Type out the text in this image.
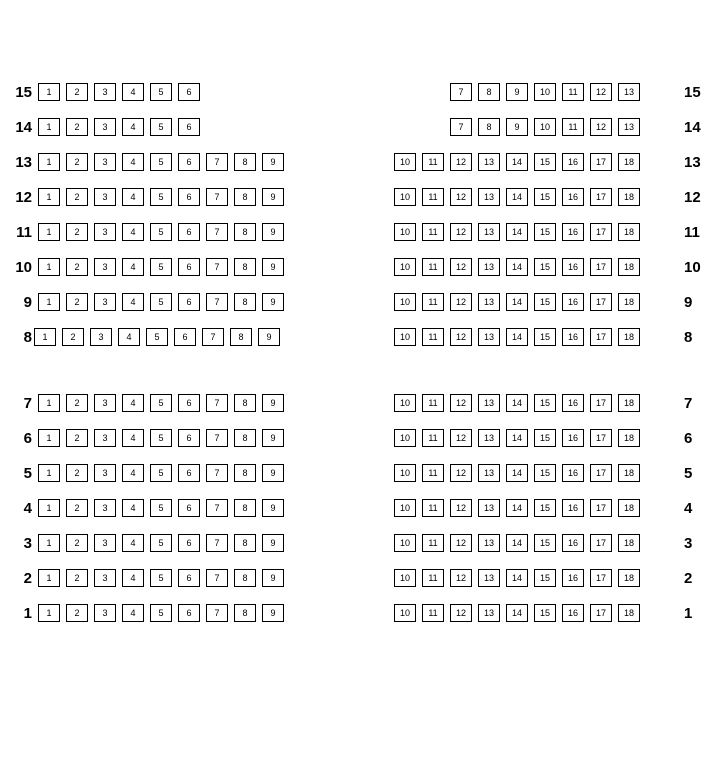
15	1	2	3	4	5	6	7	8	9	10	11	12	13	15
14	1	2	3	4	5	6	7	8	9	10	11	12	13	14
13	1	2	3	4	5	6	7	8	9	10	11	12	13	14	15	16	17	18	13
12	1	2	3	4	5	6	7	8	9	10	11	12	13	14	15	16	17	18	12
11	1	2	3	4	5	6	7	8	9	10	11	12	13	14	15	16	17	18	11
10	1	2	3	4	5	6	7	8	9	10	11	12	13	14	15	16	17	18	10
9	1	2	3	4	5	6	7	8	9	10	11	12	13	14	15	16	17	18	9
8	1	2	3	4	5	6	7	8	9	10	11	12	13	14	15	16	17	18	8
7	1	2	3	4	5	6	7	8	9	10	11	12	13	14	15	16	17	18	7
6	1	2	3	4	5	6	7	8	9	10	11	12	13	14	15	16	17	18	6
5	1	2	3	4	5	6	7	8	9	10	11	12	13	14	15	16	17	18	5
4	1	2	3	4	5	6	7	8	9	10	11	12	13	14	15	16	17	18	4
3	1	2	3	4	5	6	7	8	9	10	11	12	13	14	15	16	17	18	3
2	1	2	3	4	5	6	7	8	9	10	11	12	13	14	15	16	17	18	2
1	1	2	3	4	5	6	7	8	9	10	11	12	13	14	15	16	17	18	1
